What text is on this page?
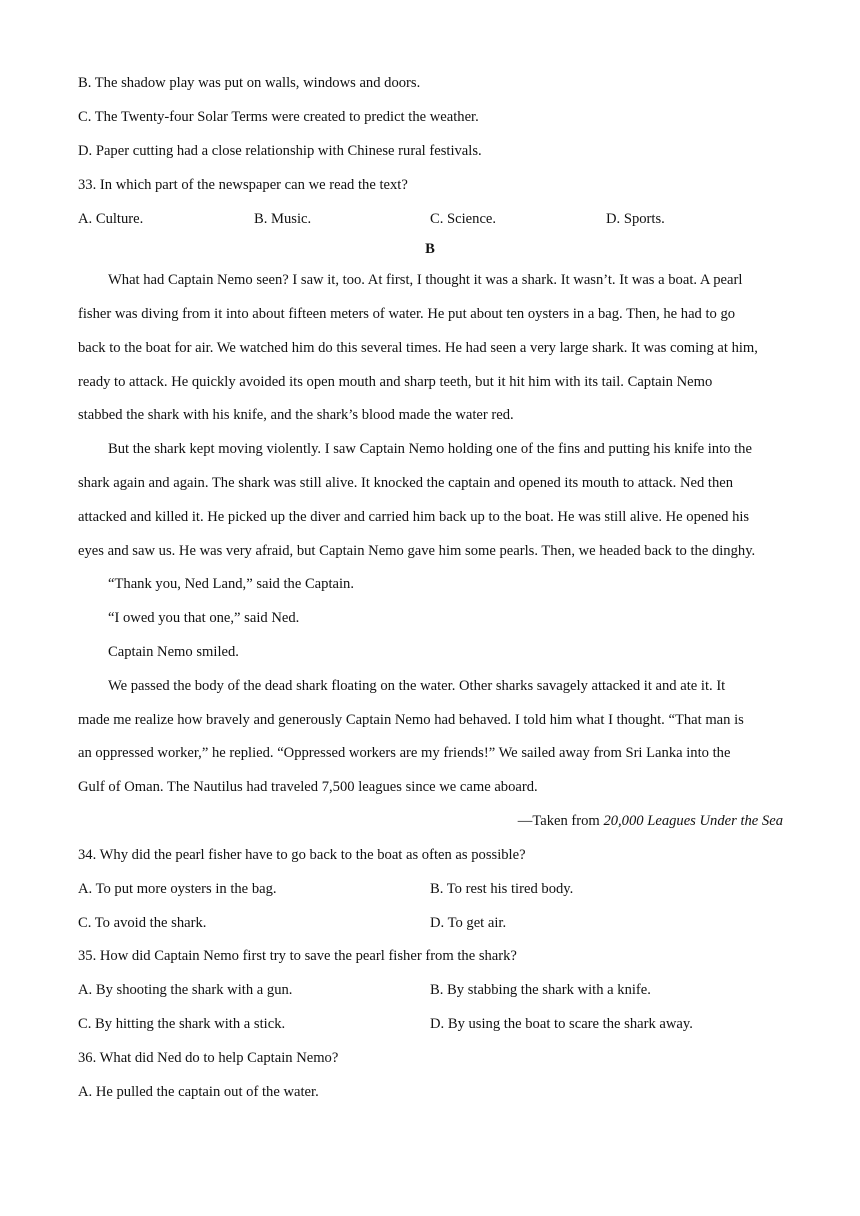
B. The shadow play was put on walls, windows and doors.
C. The Twenty-four Solar Terms were created to predict the weather.
D. Paper cutting had a close relationship with Chinese rural festivals.
33. In which part of the newspaper can we read the text?
A. Culture.	B. Music.	C. Science.	D. Sports.
B
What had Captain Nemo seen? I saw it, too. At first, I thought it was a shark. It wasn’t. It was a boat. A pearl
fisher was diving from it into about fifteen meters of water. He put about ten oysters in a bag. Then, he had to go
back to the boat for air. We watched him do this several times. He had seen a very large shark. It was coming at him,
ready to attack. He quickly avoided its open mouth and sharp teeth, but it hit him with its tail. Captain Nemo
stabbed the shark with his knife, and the shark’s blood made the water red.
But the shark kept moving violently. I saw Captain Nemo holding one of the fins and putting his knife into the
shark again and again. The shark was still alive. It knocked the captain and opened its mouth to attack. Ned then
attacked and killed it. He picked up the diver and carried him back up to the boat. He was still alive. He opened his
eyes and saw us. He was very afraid, but Captain Nemo gave him some pearls. Then, we headed back to the dinghy.
“Thank you, Ned Land,” said the Captain.
“I owed you that one,” said Ned.
Captain Nemo smiled.
We passed the body of the dead shark floating on the water. Other sharks savagely attacked it and ate it. It
made me realize how bravely and generously Captain Nemo had behaved. I told him what I thought. “That man is
an oppressed worker,” he replied. “Oppressed workers are my friends!” We sailed away from Sri Lanka into the
Gulf of Oman. The Nautilus had traveled 7,500 leagues since we came aboard.
—Taken from 20,000 Leagues Under the Sea
34. Why did the pearl fisher have to go back to the boat as often as possible?
A. To put more oysters in the bag.	B. To rest his tired body.
C. To avoid the shark.	D. To get air.
35. How did Captain Nemo first try to save the pearl fisher from the shark?
A. By shooting the shark with a gun.	B. By stabbing the shark with a knife.
C. By hitting the shark with a stick.	D. By using the boat to scare the shark away.
36. What did Ned do to help Captain Nemo?
A. He pulled the captain out of the water.
